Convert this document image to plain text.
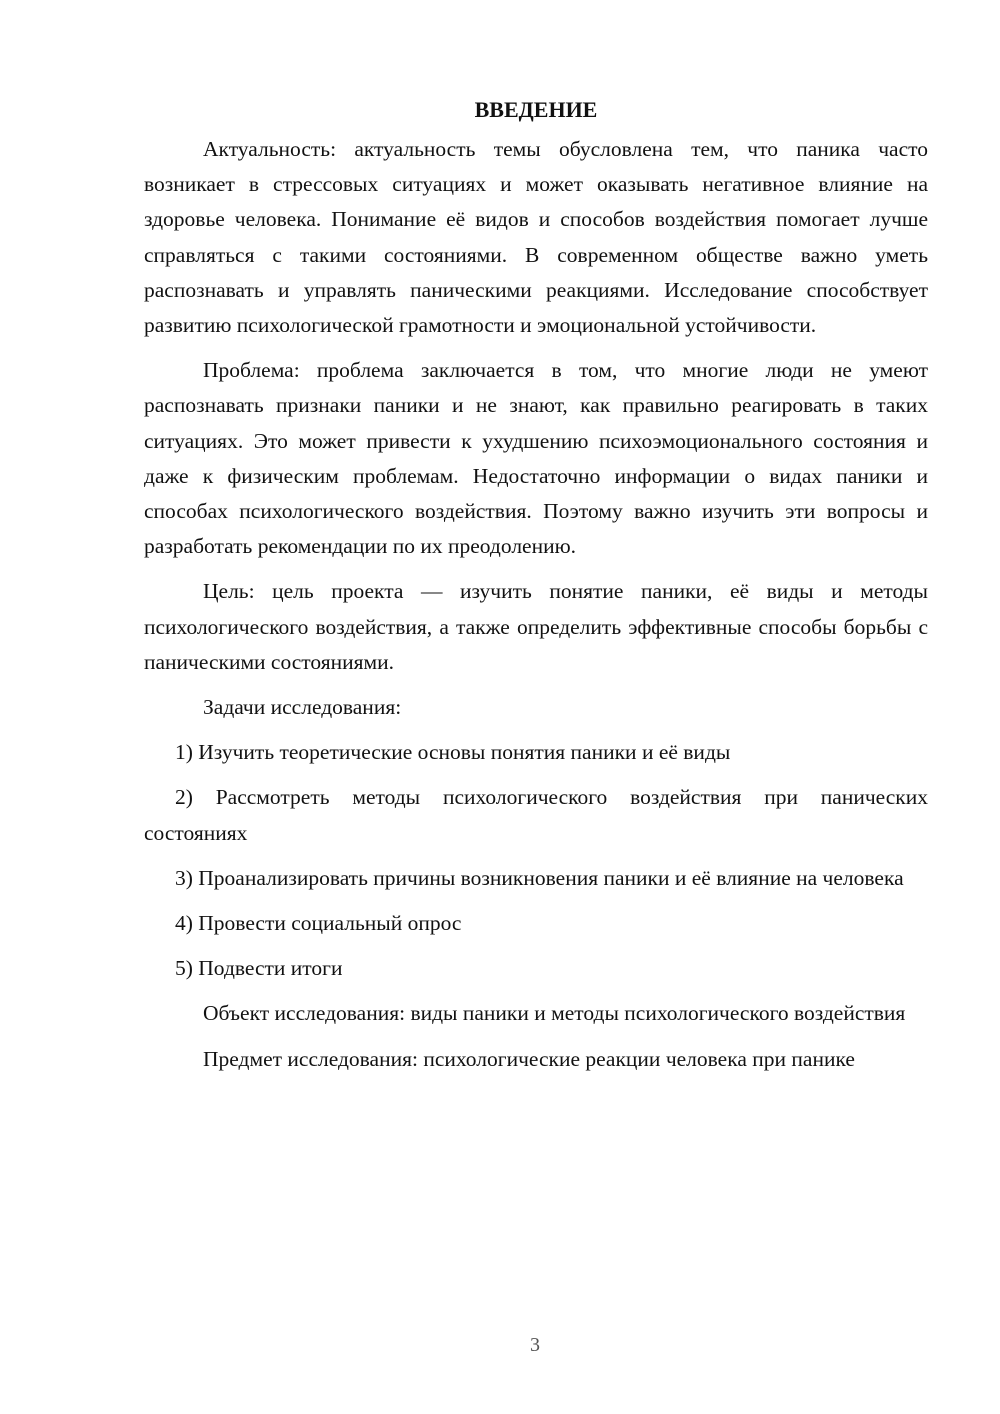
ВВЕДЕНИЕ

Актуальность: актуальность темы обусловлена тем, что паника часто возникает в стрессовых ситуациях и может оказывать негативное влияние на здоровье человека. Понимание её видов и способов воздействия помогает лучше справляться с такими состояниями. В современном обществе важно уметь распознавать и управлять паническими реакциями. Исследование способствует развитию психологической грамотности и эмоциональной устойчивости.

Проблема: проблема заключается в том, что многие люди не умеют распознавать признаки паники и не знают, как правильно реагировать в таких ситуациях. Это может привести к ухудшению психоэмоционального состояния и даже к физическим проблемам. Недостаточно информации о видах паники и способах психологического воздействия. Поэтому важно изучить эти вопросы и разработать рекомендации по их преодолению.

Цель: цель проекта — изучить понятие паники, её виды и методы психологического воздействия, а также определить эффективные способы борьбы с паническими состояниями.

Задачи исследования:

1) Изучить теоретические основы понятия паники и её виды

2) Рассмотреть методы психологического воздействия при панических состояниях

3) Проанализировать причины возникновения паники и её влияние на человека

4) Провести социальный опрос

5) Подвести итоги

Объект исследования: виды паники и методы психологического воздействия

Предмет исследования: психологические реакции человека при панике

3
